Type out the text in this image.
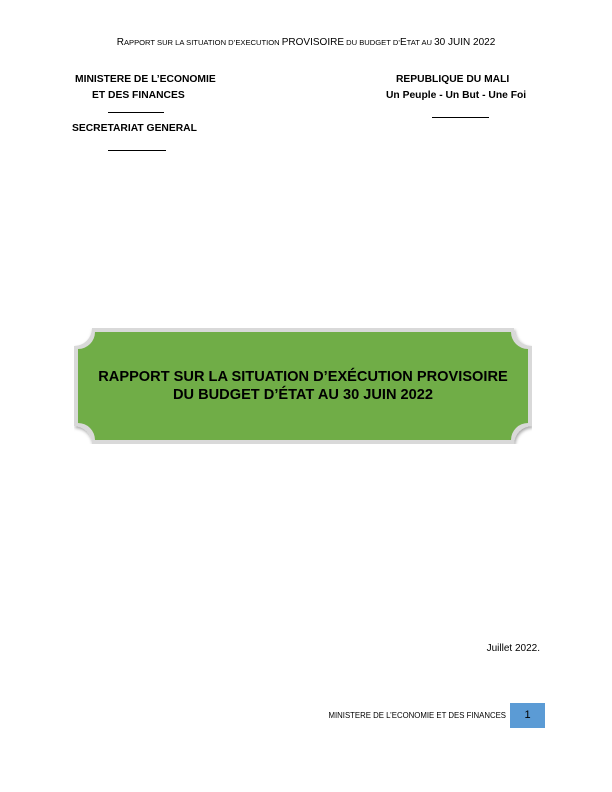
RAPPORT SUR LA SITUATION D’EXECUTION PROVISOIRE DU BUDGET D’ETAT AU 30 JUIN 2022
MINISTERE DE L’ECONOMIE
ET DES FINANCES
SECRETARIAT GENERAL
REPUBLIQUE DU MALI
Un Peuple - Un But - Une Foi
RAPPORT SUR LA SITUATION D’EXÉCUTION PROVISOIRE
DU BUDGET D’ÉTAT AU 30 JUIN 2022
Juillet 2022.
MINISTERE DE L’ECONOMIE ET DES FINANCES	1
